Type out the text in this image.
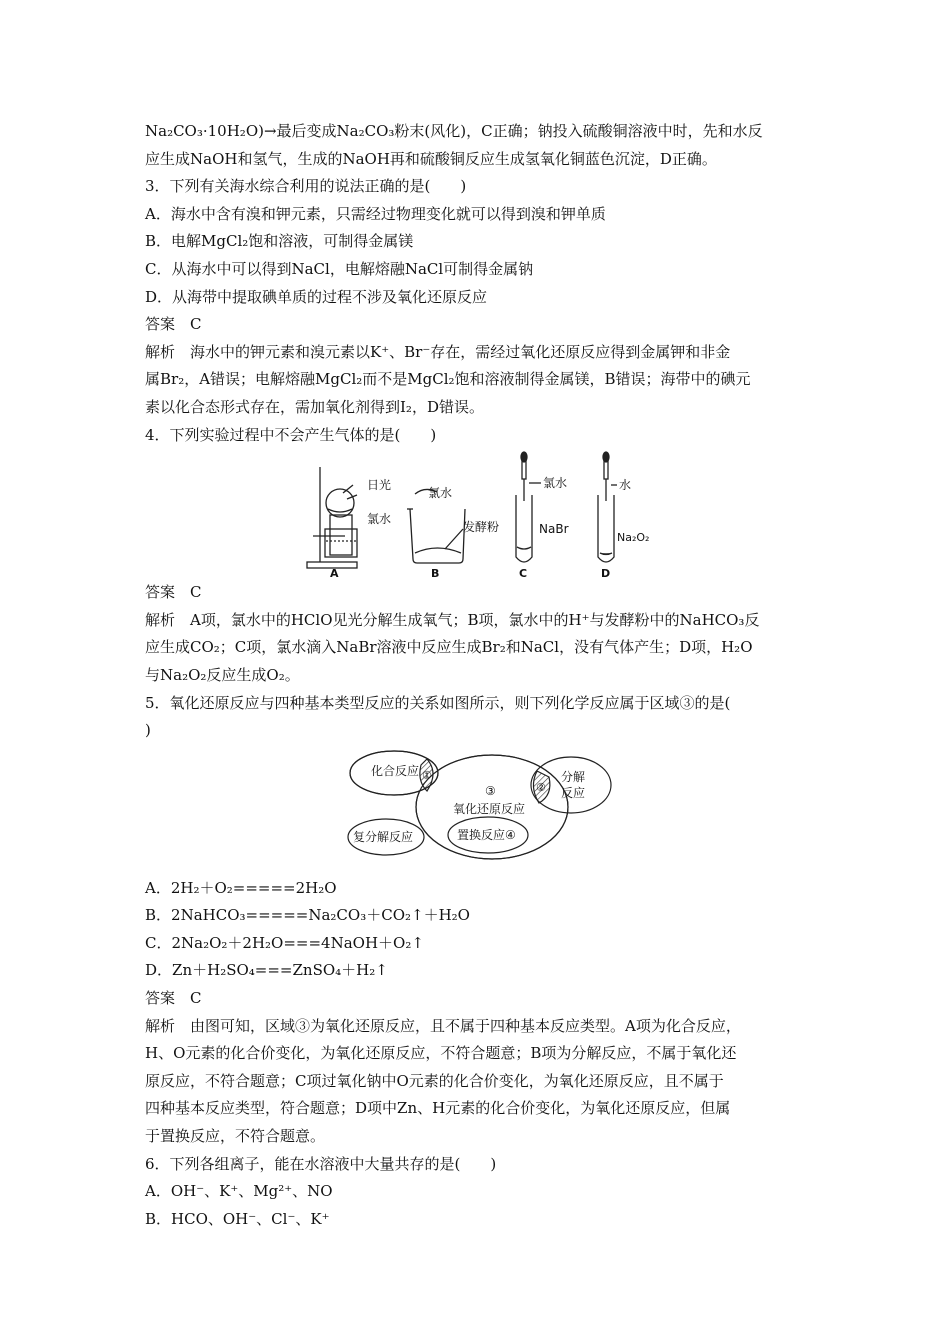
Na₂CO₃·10H₂O)→最后变成Na₂CO₃粉末(风化)，C正确；钠投入硫酸铜溶液中时，先和水反
应生成NaOH和氢气，生成的NaOH再和硫酸铜反应生成氢氧化铜蓝色沉淀，D正确。
3．下列有关海水综合利用的说法正确的是(　　)
A．海水中含有溴和钾元素，只需经过物理变化就可以得到溴和钾单质
B．电解MgCl₂饱和溶液，可制得金属镁
C．从海水中可以得到NaCl，电解熔融NaCl可制得金属钠
D．从海带中提取碘单质的过程不涉及氧化还原反应
答案　C
解析　海水中的钾元素和溴元素以K⁺、Br⁻存在，需经过氧化还原反应得到金属钾和非金
属Br₂，A错误；电解熔融MgCl₂而不是MgCl₂饱和溶液制得金属镁，B错误；海带中的碘元
素以化合态形式存在，需加氧化剂得到I₂，D错误。
4．下列实验过程中不会产生气体的是(　　)
日光
氯水
A
氯水
发酵粉
B
氯水
NaBr
C
水
Na₂O₂
D
答案　C
解析　A项，氯水中的HClO见光分解生成氧气；B项，氯水中的H⁺与发酵粉中的NaHCO₃反
应生成CO₂；C项，氯水滴入NaBr溶液中反应生成Br₂和NaCl，没有气体产生；D项，H₂O
与Na₂O₂反应生成O₂。
5．氧化还原反应与四种基本类型反应的关系如图所示，则下列化学反应属于区域③的是(
)
化合反应 ①	分解
反应
②
③
氧化还原反应
复分解反应	置换反应④
A．2H₂＋O₂=====2H₂O
B．2NaHCO₃=====Na₂CO₃＋CO₂↑＋H₂O
C．2Na₂O₂＋2H₂O===4NaOH＋O₂↑
D．Zn＋H₂SO₄===ZnSO₄＋H₂↑
答案　C
解析　由图可知，区域③为氧化还原反应，且不属于四种基本反应类型。A项为化合反应，
H、O元素的化合价变化，为氧化还原反应，不符合题意；B项为分解反应，不属于氧化还
原反应，不符合题意；C项过氧化钠中O元素的化合价变化，为氧化还原反应，且不属于
四种基本反应类型，符合题意；D项中Zn、H元素的化合价变化，为氧化还原反应，但属
于置换反应，不符合题意。
6．下列各组离子，能在水溶液中大量共存的是(　　)
A．OH⁻、K⁺、Mg²⁺、NO
B．HCO、OH⁻、Cl⁻、K⁺
